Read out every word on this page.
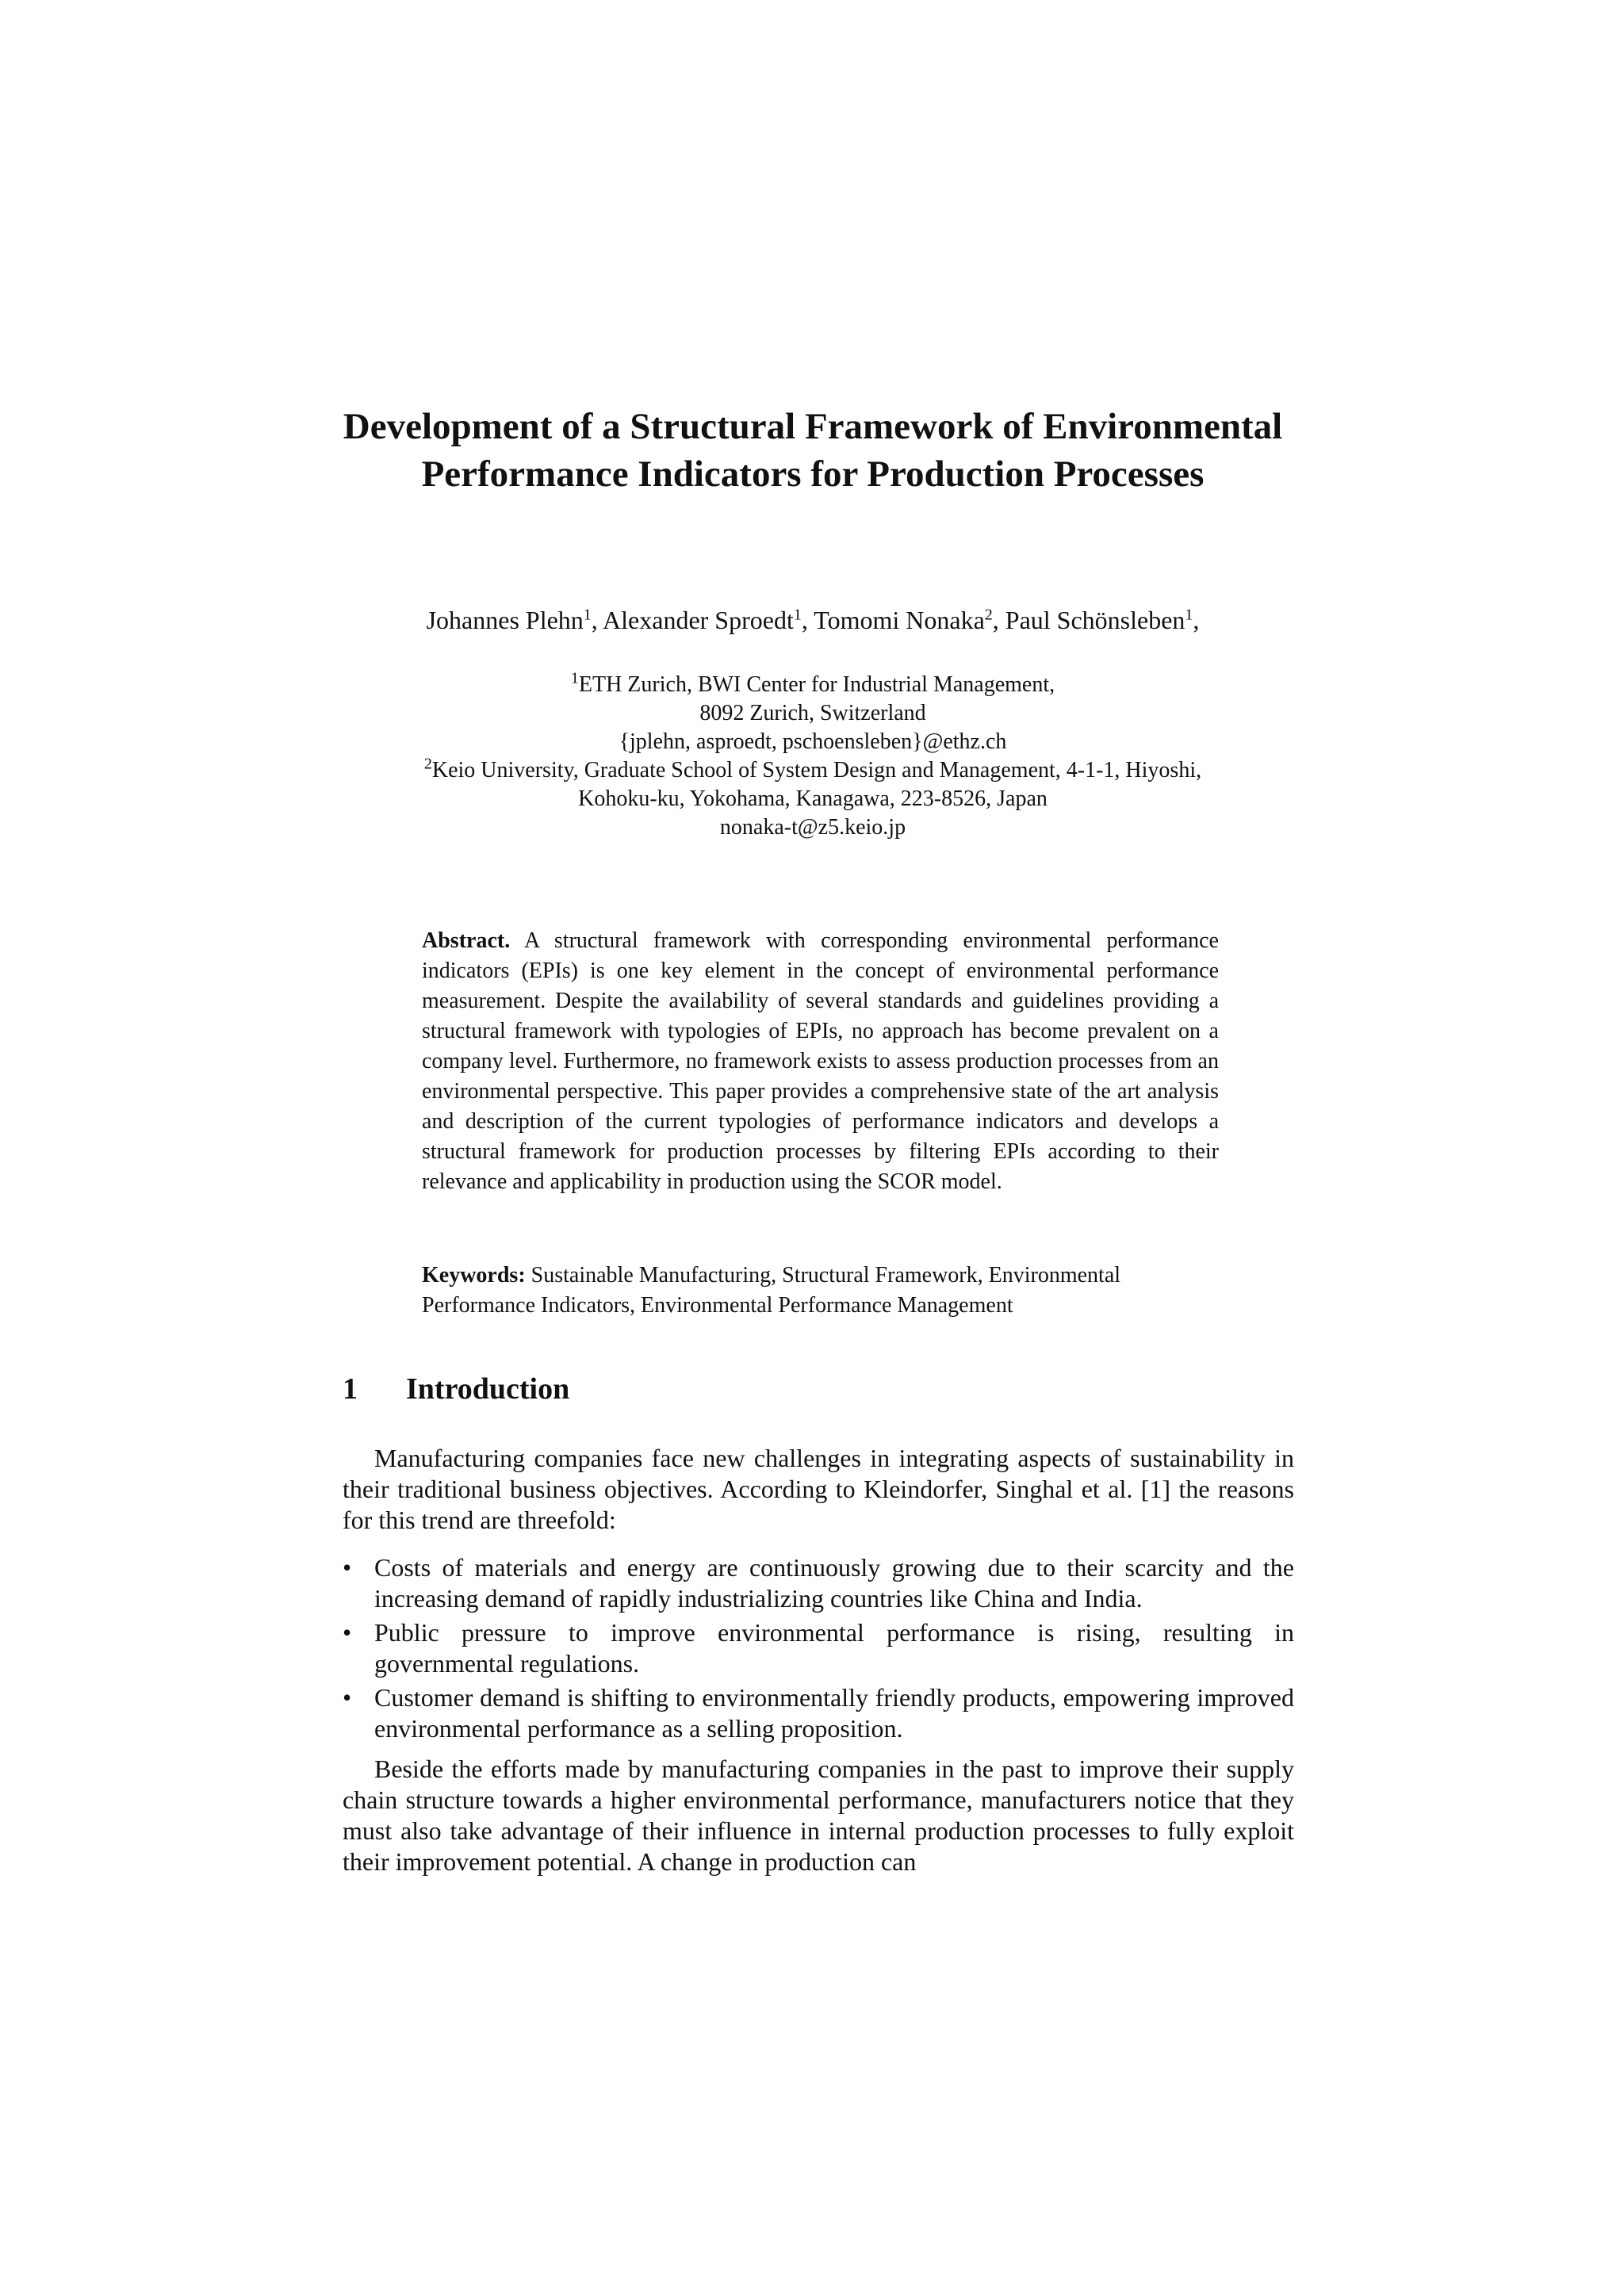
Development of a Structural Framework of Environmental Performance Indicators for Production Processes
Johannes Plehn$^1$, Alexander Sproedt$^1$, Tomomi Nonaka$^2$, Paul Schönsleben$^1$,
$^1$ETH Zurich, BWI Center for Industrial Management,
8092 Zurich, Switzerland
{jplehn, asproedt, pschoensleben}@ethz.ch
$^2$Keio University, Graduate School of System Design and Management, 4-1-1, Hiyoshi,
Kohoku-ku, Yokohama, Kanagawa, 223-8526, Japan
nonaka-t@z5.keio.jp
Abstract. A structural framework with corresponding environmental performance indicators (EPIs) is one key element in the concept of environmental performance measurement. Despite the availability of several standards and guidelines providing a structural framework with typologies of EPIs, no approach has become prevalent on a company level. Furthermore, no framework exists to assess production processes from an environmental perspective. This paper provides a comprehensive state of the art analysis and description of the current typologies of performance indicators and develops a structural framework for production processes by filtering EPIs according to their relevance and applicability in production using the SCOR model.
Keywords: Sustainable Manufacturing, Structural Framework, Environmental Performance Indicators, Environmental Performance Management
1 Introduction

Manufacturing companies face new challenges in integrating aspects of sustainability in their traditional business objectives. According to Kleindorfer, Singhal et al. [1] the reasons for this trend are threefold:

• Costs of materials and energy are continuously growing due to their scarcity and the increasing demand of rapidly industrializing countries like China and India.
• Public pressure to improve environmental performance is rising, resulting in governmental regulations.
• Customer demand is shifting to environmentally friendly products, empowering improved environmental performance as a selling proposition.

Beside the efforts made by manufacturing companies in the past to improve their supply chain structure towards a higher environmental performance, manufacturers notice that they must also take advantage of their influence in internal production processes to fully exploit their improvement potential. A change in production can
